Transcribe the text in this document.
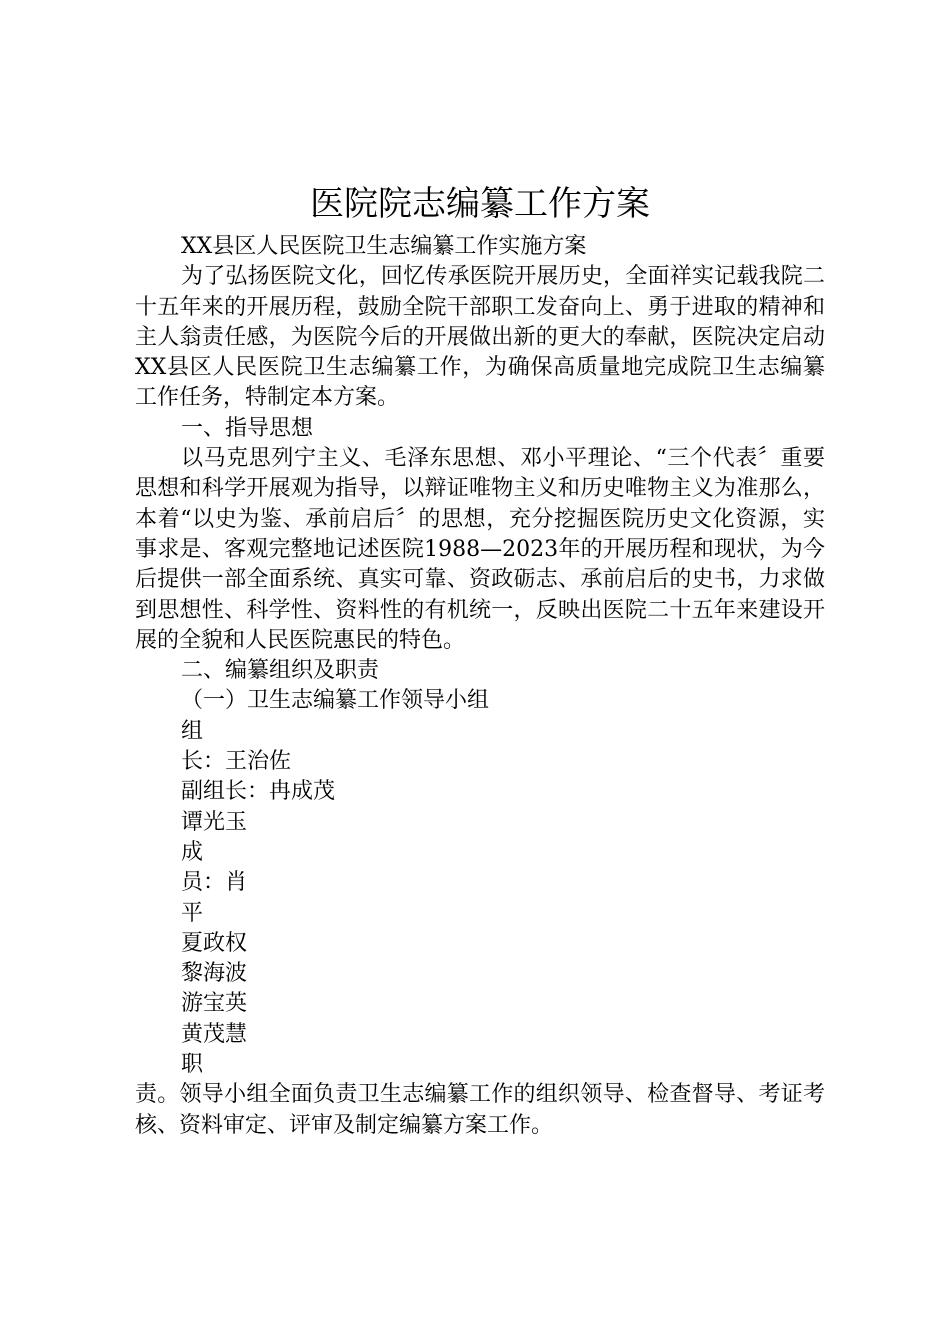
医院院志编纂工作方案

XX县区人民医院卫生志编纂工作实施方案

为了弘扬医院文化，回忆传承医院开展历史，全面祥实记载我院二十五年来的开展历程，鼓励全院干部职工发奋向上、勇于进取的精神和主人翁责任感，为医院今后的开展做出新的更大的奉献，医院决定启动XX县区人民医院卫生志编纂工作，为确保高质量地完成院卫生志编纂工作任务，特制定本方案。

一、指导思想

以马克思列宁主义、毛泽东思想、邓小平理论、“三个代表〞重要思想和科学开展观为指导，以辩证唯物主义和历史唯物主义为准那么，本着“以史为鉴、承前启后〞的思想，充分挖掘医院历史文化资源，实事求是、客观完整地记述医院1988—2023年的开展历程和现状，为今后提供一部全面系统、真实可靠、资政砺志、承前启后的史书，力求做到思想性、科学性、资料性的有机统一，反映出医院二十五年来建设开展的全貌和人民医院惠民的特色。

二、编纂组织及职责

（一）卫生志编纂工作领导小组

组

长：王治佐

副组长：冉成茂

谭光玉

成

员：肖

平

夏政权

黎海波

游宝英

黄茂慧

职

责。领导小组全面负责卫生志编纂工作的组织领导、检查督导、考证考核、资料审定、评审及制定编纂方案工作。
